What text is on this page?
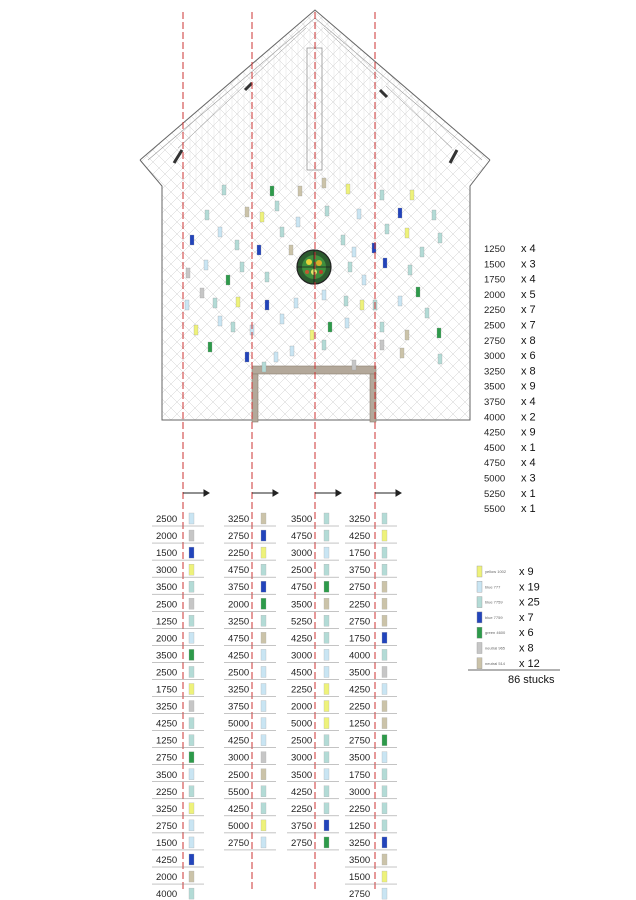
1250 x 4
1500 x 3
1750 x 4
2000 x 5
2250 x 7
2500 x 7
2750 x 8
3000 x 6
3250 x 8
3500 x 9
3750 x 4
4000 x 2
4250 x 9
4500 x 1
4750 x 4
5000 x 3
5250 x 1
5500 x 1
yellow 1002 x 9
blue 777 x 19
blue 7759 x 25
blue 7759 x 7
green 4600 x 6
neutral 965 x 8
neutral 514 x 12
86 stucks
2500
2000
1500
3000
3500
2500
1250
2000
3500
2500
1750
3250
4250
1250
2750
3500
2250
3250
2750
1500
4250
2000
4000
3250
2750
2250
4750
3750
2000
3250
4750
4250
2500
3250
3750
5000
4250
3000
2500
5500
4250
5000
2750
3500
4750
3000
2500
4750
3500
5250
4250
3000
4500
2250
2000
5000
2500
3000
3500
4250
2250
3750
2750
3250
4250
1750
3750
2750
2250
2750
1750
4000
3500
4250
2250
1250
2750
3500
1750
3000
2250
1250
3250
3500
1500
2750
